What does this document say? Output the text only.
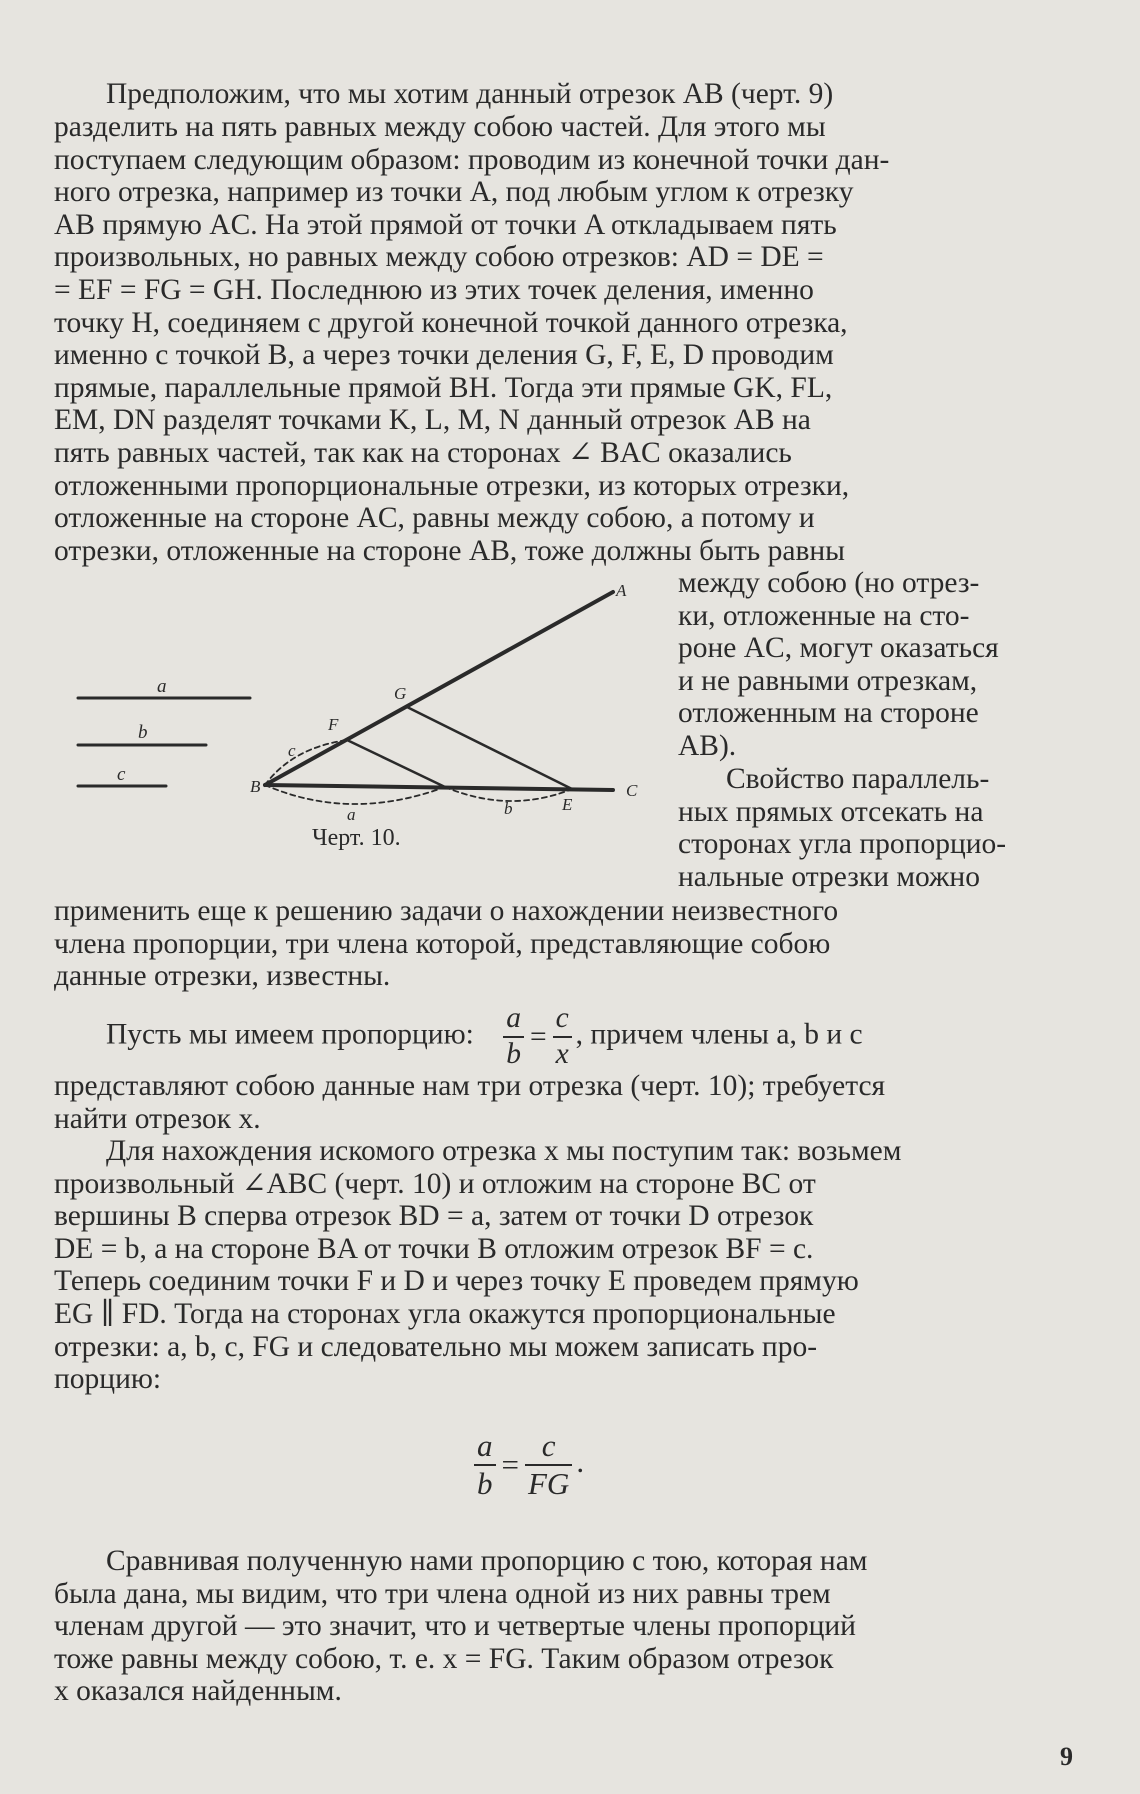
Предположим, что мы хотим данный отрезок AB (черт. 9)

разделить на пять равных между собою частей. Для этого мы

поступаем следующим образом: проводим из конечной точки дан-

ного отрезка, например из точки A, под любым углом к отрезку

AB прямую AC. На этой прямой от точки A откладываем пять

произвольных, но равных между собою отрезков: AD = DE =

= EF = FG = GH. Последнюю из этих точек деления, именно

точку H, соединяем с другой конечной точкой данного отрезка,

именно с точкой B, а через точки деления G, F, E, D проводим

прямые, параллельные прямой BH. Тогда эти прямые GK, FL,

EM, DN разделят точками K, L, M, N данный отрезок AB на

пять равных частей, так как на сторонах ∠ BAC оказались

отложенными пропорциональные отрезки, из которых отрезки,

отложенные на стороне AC, равны между собою, а потому и

отрезки, отложенные на стороне AB, тоже должны быть равны

между собою (но отрез-

ки, отложенные на сто-

роне AC, могут оказаться

и не равными отрезкам,

отложенным на стороне

AB).

Свойство параллель-

ных прямых отсекать на

сторонах угла пропорцио-

нальные отрезки можно

применить еще к решению задачи о нахождении неизвестного

члена пропорции, три члена которой, представляющие собою

данные отрезки, известны.

Пусть мы имеем пропорцию: $\frac{a}{b} = \frac{c}{x}$ , причем члены a, b и c

представляют собою данные нам три отрезка (черт. 10); требуется

найти отрезок x.

Для нахождения искомого отрезка x мы поступим так: возьмем

произвольный ∠ABC (черт. 10) и отложим на стороне BC от

вершины B сперва отрезок BD = a, затем от точки D отрезок

DE = b, а на стороне BA от точки B отложим отрезок BF = c.

Теперь соединим точки F и D и через точку E проведем прямую

EG ∥ FD. Тогда на сторонах угла окажутся пропорциональные

отрезки: a, b, c, FG и следовательно мы можем записать про-

порцию:

$\frac{a}{b} = \frac{c}{FG}$ .

Сравнивая полученную нами пропорцию с тою, которая нам

была дана, мы видим, что три члена одной из них равны трем

членам другой — это значит, что и четвертые члены пропорций

тоже равны между собою, т. е. x = FG. Таким образом отрезок

x оказался найденным.

a
b
c
A
G
F
B	C
E
c
a	b
Черт. 10.
9
